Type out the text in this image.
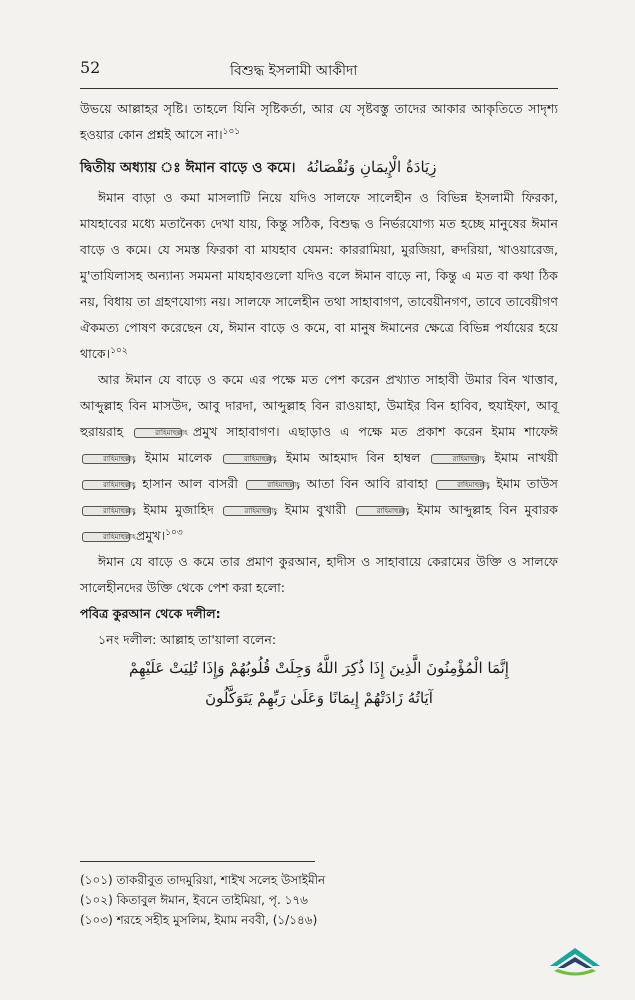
52	বিশুদ্ধ ইসলামী আকীদা

উভয়ে আল্লাহর সৃষ্টি। তাহলে যিনি সৃষ্টিকর্তা, আর যে সৃষ্টবস্তু তাদের আকার আকৃতিতে সাদৃশ্য হওয়ার কোন প্রশ্নই আসে না।$^{১০১}$

দ্বিতীয় অধ্যায় ঃ ঈমান বাড়ে ও কমে। زِيَادَةُ الْإِيمَانِ وَنُقْصَانُهُ

ঈমান বাড়া ও কমা মাসলাটি নিয়ে যদিও সালফে সালেহীন ও বিভিন্ন ইসলামী ফিরকা, মাযহাবের মধ্যে মতানৈক্য দেখা যায়, কিন্তু সঠিক, বিশুদ্ধ ও নির্ভরযোগ্য মত হচ্ছে মানুষের ঈমান বাড়ে ও কমে। যে সমস্ত ফিরকা বা মাযহাব যেমন: কাররামিয়া, মুরজিয়া, ক্বদরিয়া, খাওয়ারেজ, মু'তাযিলাসহ অন্যান্য সমমনা মাযহাবগুলো যদিও বলে ঈমান বাড়ে না, কিন্তু এ মত বা কথা ঠিক নয়, বিধায় তা গ্রহণযোগ্য নয়। সালফে সালেহীন তথা সাহাবাগণ, তাবেয়ীনগণ, তাবে তাবেয়ীগণ ঐকমত্য পোষণ করেছেন যে, ঈমান বাড়ে ও কমে, বা মানুষ ঈমানের ক্ষেত্রে বিভিন্ন পর্যায়ের হয়ে থাকে।$^{১০২}$

আর ঈমান যে বাড়ে ও কমে এর পক্ষে মত পেশ করেন প্রখ্যাত সাহাবী উমার বিন খাত্তাব, আব্দুল্লাহ বিন মাসউদ, আবু দারদা, আব্দুল্লাহ বিন রাওয়াহা, উমাইর বিন হাবিব, হুযাইফা, আবূ হুরায়রাহ	রাহিমাহুল্লাহ প্রমুখ সাহাবাগণ। এছাড়াও এ পক্ষে মত প্রকাশ করেন ইমাম শাফেঈ রাহিমাহুল্লাহ, ইমাম মালেক	রাহিমাহুল্লাহ, ইমাম আহমাদ বিন হাম্বল	রাহিমাহুল্লাহ, ইমাম নাখয়ী রাহিমাহুল্লাহ, হাসান আল বাসরী	রাহিমাহুল্লাহ, আতা বিন আবি রাবাহা	রাহিমাহুল্লাহ, ইমাম তাউস রাহিমাহুল্লাহ, ইমাম মুজাহিদ	রাহিমাহুল্লাহ, ইমাম বুখারী	রাহিমাহুল্লাহ, ইমাম আব্দুল্লাহ বিন মুবারক রাহিমাহুল্লাহ প্রমুখ।$^{১০৩}$

ঈমান যে বাড়ে ও কমে তার প্রমাণ কুরআন, হাদীস ও সাহাবায়ে কেরামের উক্তি ও সালফে সালেহীনদের উক্তি থেকে পেশ করা হলো:

পবিত্র কুরআন থেকে দলীল:

১নং দলীল: আল্লাহ তা'য়ালা বলেন:

إِنَّمَا الْمُؤْمِنُونَ الَّذِينَ إِذَا ذُكِرَ اللَّهُ وَجِلَتْ قُلُوبُهُمْ وَإِذَا تُلِيَتْ عَلَيْهِمْ
آيَاتُهُ زَادَتْهُمْ إِيمَانًا وَعَلَىٰ رَبِّهِمْ يَتَوَكَّلُونَ
(১০১) তাকরীবুত তাদমুরিয়া, শাইখ সলেহ উসাইমীন
(১০২) কিতাবুল ঈমান, ইবনে তাইমিয়া, পৃ. ১৭৬
(১০৩) শরহে সহীহ মুসলিম, ইমাম নববী, (১/১৪৬)
